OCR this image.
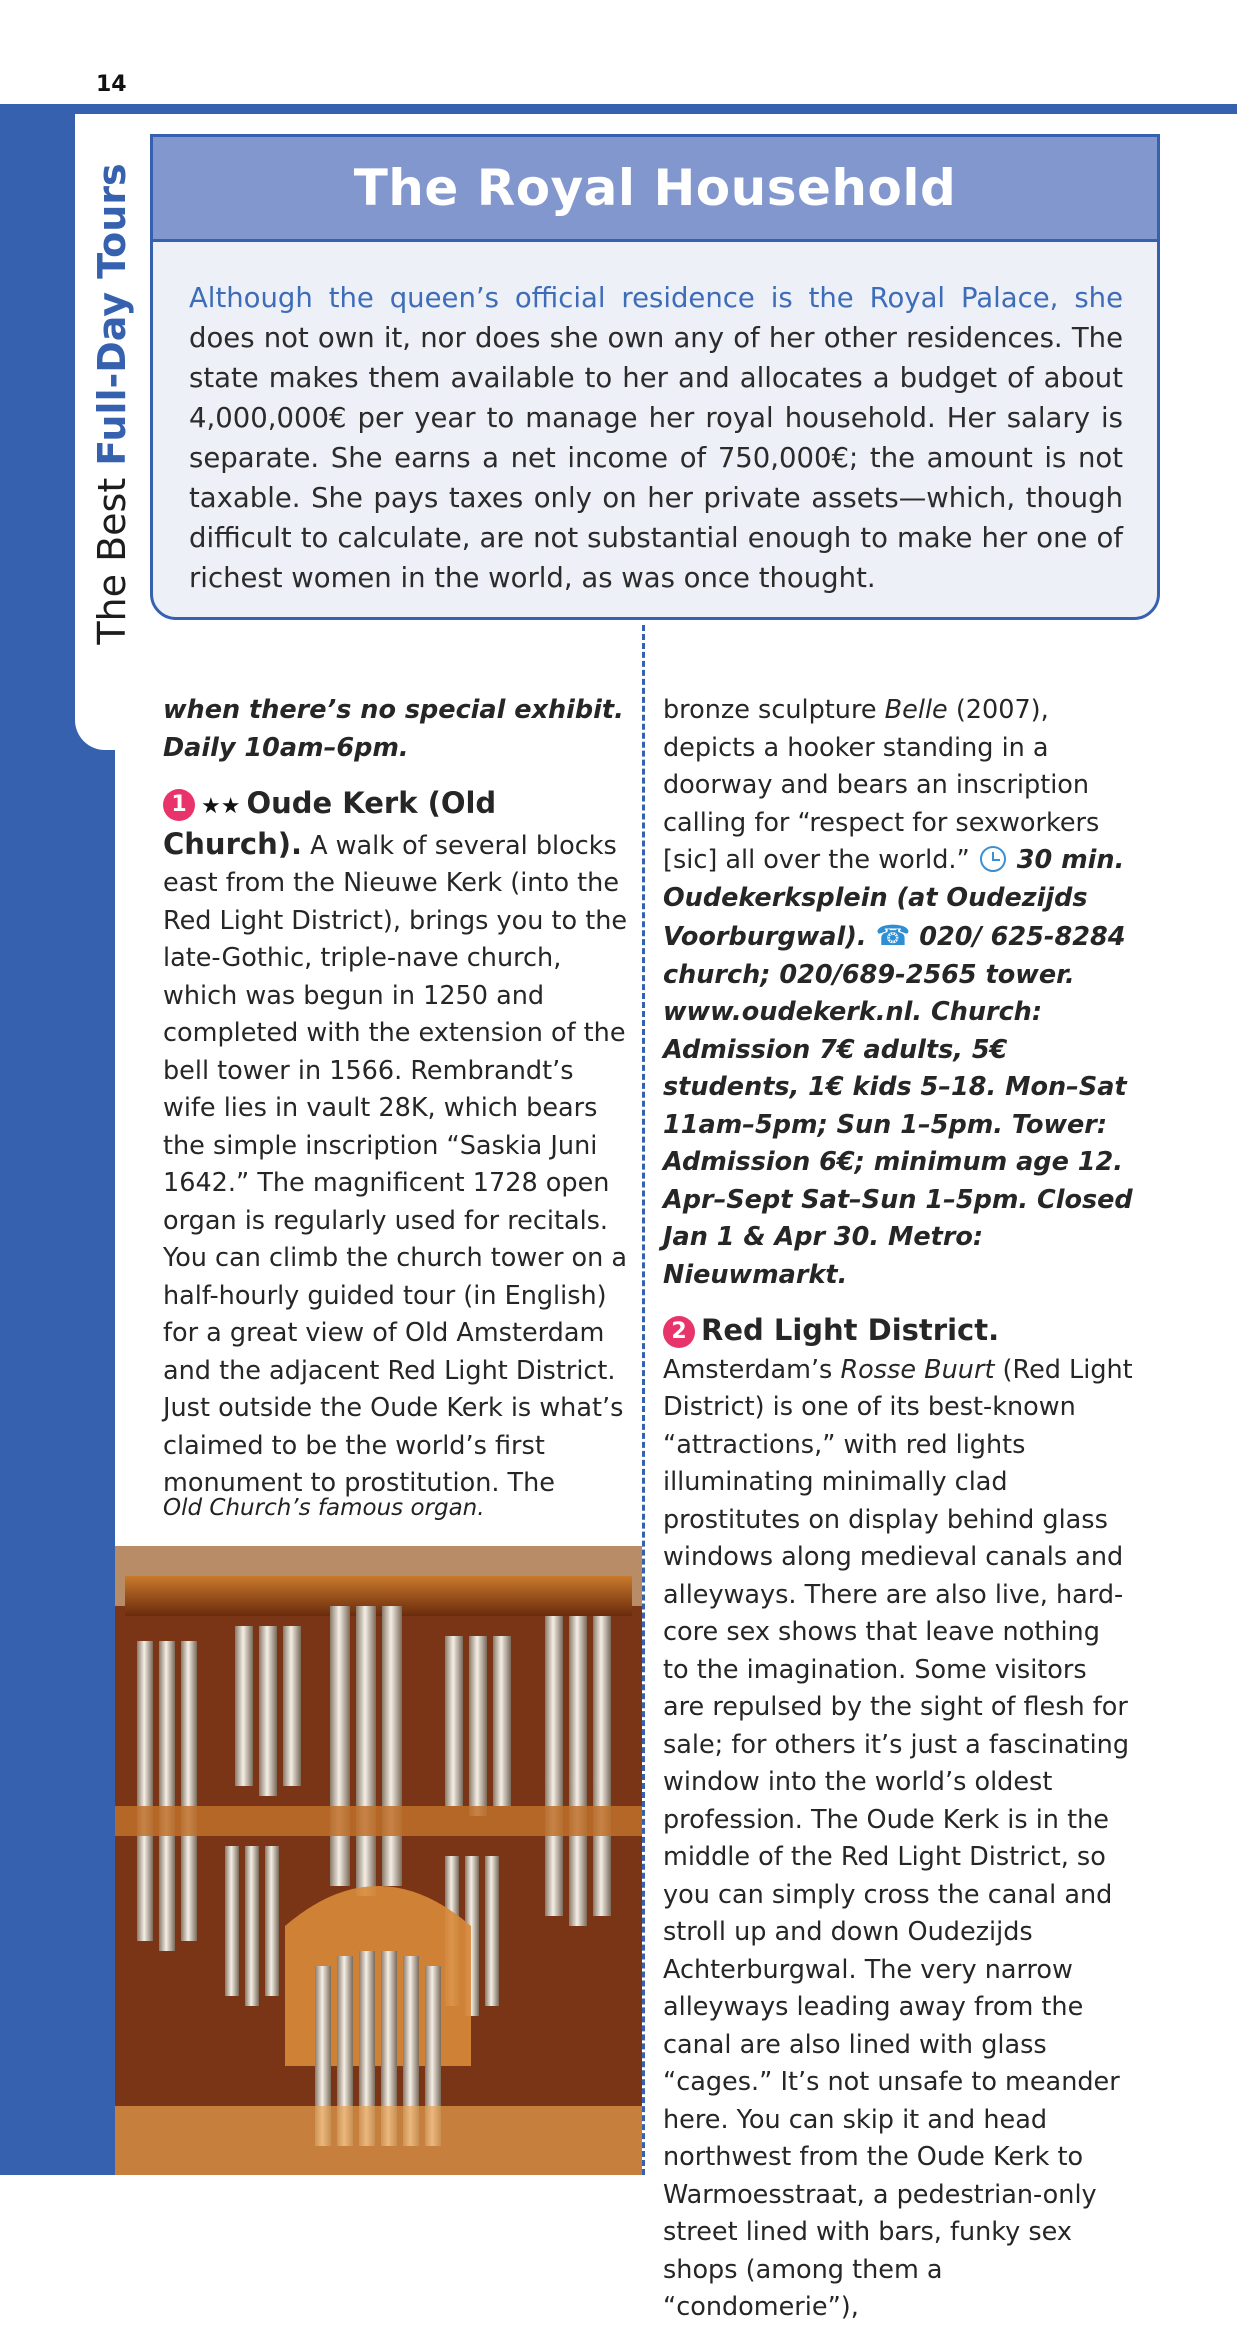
14
The Best Full-Day Tours	The Royal Household
Although the queen’s official residence is the Royal Palace, she does not own it, nor does she own any of her other residences. The state makes them available to her and allocates a budget of about 4,000,000€ per year to manage her royal household. Her salary is separate. She earns a net income of 750,000€; the amount is not taxable. She pays taxes only on her private assets—which, though difficult to calculate, are not substantial enough to make her one of richest women in the world, as was once thought.

when there’s no special exhibit. Daily 10am–6pm.

1 ★★ Oude Kerk (Old Church). A walk of several blocks east from the Nieuwe Kerk (into the Red Light District), brings you to the late-Gothic, triple-nave church, which was begun in 1250 and completed with the extension of the bell tower in 1566. Rembrandt’s wife lies in vault 28K, which bears the simple inscription “Saskia Juni 1642.” The magnificent 1728 open organ is regularly used for recitals. You can climb the church tower on a half-hourly guided tour (in English) for a great view of Old Amsterdam and the adjacent Red Light District. Just outside the Oude Kerk is what’s claimed to be the world’s first monument to prostitution. The

Old Church’s famous organ.

bronze sculpture Belle (2007), depicts a hooker standing in a doorway and bears an inscription calling for “respect for sexworkers [sic] all over the world.”  30 min. Oudekerksplein (at Oudezijds Voorburgwal). ☎ 020/ 625-8284 church; 020/689-2565 tower. www.oudekerk.nl. Church: Admission 7€ adults, 5€ students, 1€ kids 5–18. Mon–Sat 11am–5pm; Sun 1–5pm. Tower: Admission 6€; minimum age 12. Apr–Sept Sat–Sun 1–5pm. Closed Jan 1 & Apr 30. Metro: Nieuwmarkt.

2 Red Light District. Amsterdam’s Rosse Buurt (Red Light District) is one of its best-known “attractions,” with red lights illuminating minimally clad prostitutes on display behind glass windows along medieval canals and alleyways. There are also live, hard-core sex shows that leave nothing to the imagination. Some visitors are repulsed by the sight of flesh for sale; for others it’s just a fascinating window into the world’s oldest profession. The Oude Kerk is in the middle of the Red Light District, so you can simply cross the canal and stroll up and down Oudezijds Achterburgwal. The very narrow alleyways leading away from the canal are also lined with glass “cages.” It’s not unsafe to meander here. You can skip it and head northwest from the Oude Kerk to Warmoesstraat, a pedestrian-only street lined with bars, funky sex shops (among them a “condomerie”),
